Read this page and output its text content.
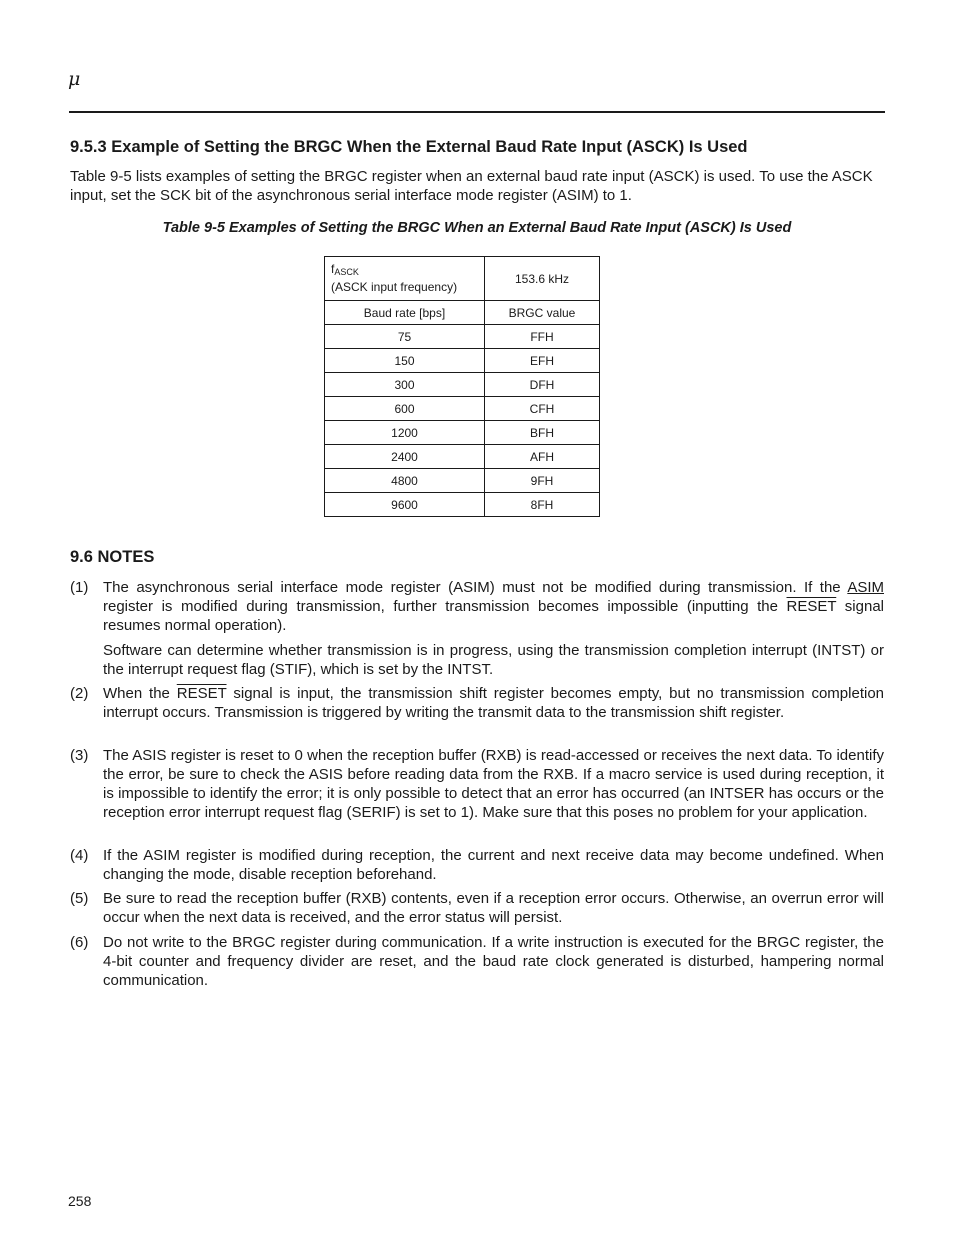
μ
9.5.3 Example of Setting the BRGC When the External Baud Rate Input (ASCK) Is Used
Table 9-5 lists examples of setting the BRGC register when an external baud rate input (ASCK) is used. To use the ASCK input, set the SCK bit of the asynchronous serial interface mode register (ASIM) to 1.
Table 9-5 Examples of Setting the BRGC When an External Baud Rate Input (ASCK) Is Used
$f_{ASCK}$
(ASCK input frequency)	153.6 kHz
Baud rate [bps]	BRGC value
75	FFH
150	EFH
300	DFH
600	CFH
1200	BFH
2400	AFH
4800	9FH
9600	8FH
9.6 NOTES
(1) The asynchronous serial interface mode register (ASIM) must not be modified during transmission. If the ASIM register is modified during transmission, further transmission becomes impossible (inputting the RESET signal resumes normal operation).
Software can determine whether transmission is in progress, using the transmission completion interrupt (INTST) or the interrupt request flag (STIF), which is set by the INTST.
(2) When the RESET signal is input, the transmission shift register becomes empty, but no transmission completion interrupt occurs. Transmission is triggered by writing the transmit data to the transmission shift register.
(3) The ASIS register is reset to 0 when the reception buffer (RXB) is read-accessed or receives the next data. To identify the error, be sure to check the ASIS before reading data from the RXB. If a macro service is used during reception, it is impossible to identify the error; it is only possible to detect that an error has occurred (an INTSER has occurs or the reception error interrupt request flag (SERIF) is set to 1). Make sure that this poses no problem for your application.
(4) If the ASIM register is modified during reception, the current and next receive data may become undefined. When changing the mode, disable reception beforehand.
(5) Be sure to read the reception buffer (RXB) contents, even if a reception error occurs. Otherwise, an overrun error will occur when the next data is received, and the error status will persist.
(6) Do not write to the BRGC register during communication. If a write instruction is executed for the BRGC register, the 4-bit counter and frequency divider are reset, and the baud rate clock generated is disturbed, hampering normal communication.
258
